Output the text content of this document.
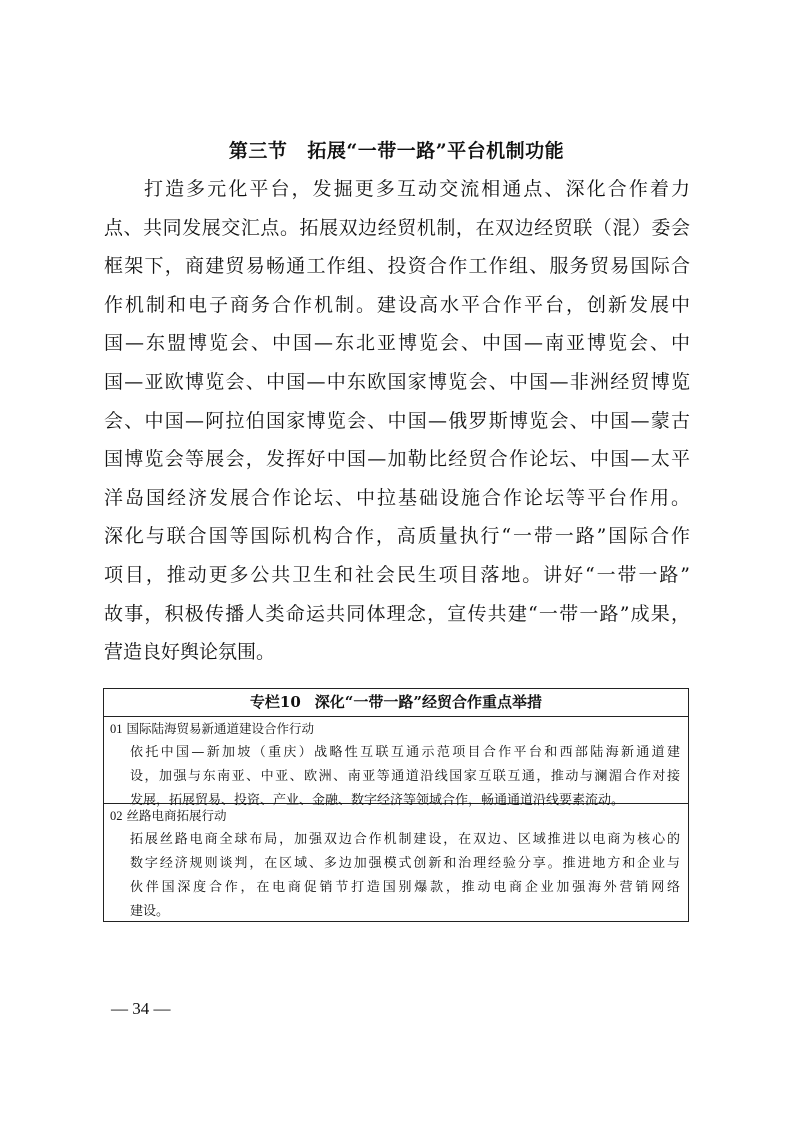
第三节 拓展“一带一路”平台机制功能
打造多元化平台，发掘更多互动交流相通点、深化合作着力
点、共同发展交汇点。拓展双边经贸机制，在双边经贸联（混）委会
框架下，商建贸易畅通工作组、投资合作工作组、服务贸易国际合
作机制和电子商务合作机制。建设高水平合作平台，创新发展中
国—东盟博览会、中国—东北亚博览会、中国—南亚博览会、中
国—亚欧博览会、中国—中东欧国家博览会、中国—非洲经贸博览
会、中国—阿拉伯国家博览会、中国—俄罗斯博览会、中国—蒙古
国博览会等展会，发挥好中国—加勒比经贸合作论坛、中国—太平
洋岛国经济发展合作论坛、中拉基础设施合作论坛等平台作用。
深化与联合国等国际机构合作，高质量执行“一带一路”国际合作
项目，推动更多公共卫生和社会民生项目落地。讲好“一带一路”
故事，积极传播人类命运共同体理念，宣传共建“一带一路”成果，
营造良好舆论氛围。
专栏10 深化“一带一路”经贸合作重点举措
01 国际陆海贸易新通道建设合作行动
依托中国—新加坡（重庆）战略性互联互通示范项目合作平台和西部陆海新通道建
设，加强与东南亚、中亚、欧洲、南亚等通道沿线国家互联互通，推动与澜湄合作对接
发展，拓展贸易、投资、产业、金融、数字经济等领域合作，畅通通道沿线要素流动。
02 丝路电商拓展行动
拓展丝路电商全球布局，加强双边合作机制建设，在双边、区域推进以电商为核心的
数字经济规则谈判，在区域、多边加强模式创新和治理经验分享。推进地方和企业与
伙伴国深度合作，在电商促销节打造国别爆款，推动电商企业加强海外营销网络
建设。
— 34 —
